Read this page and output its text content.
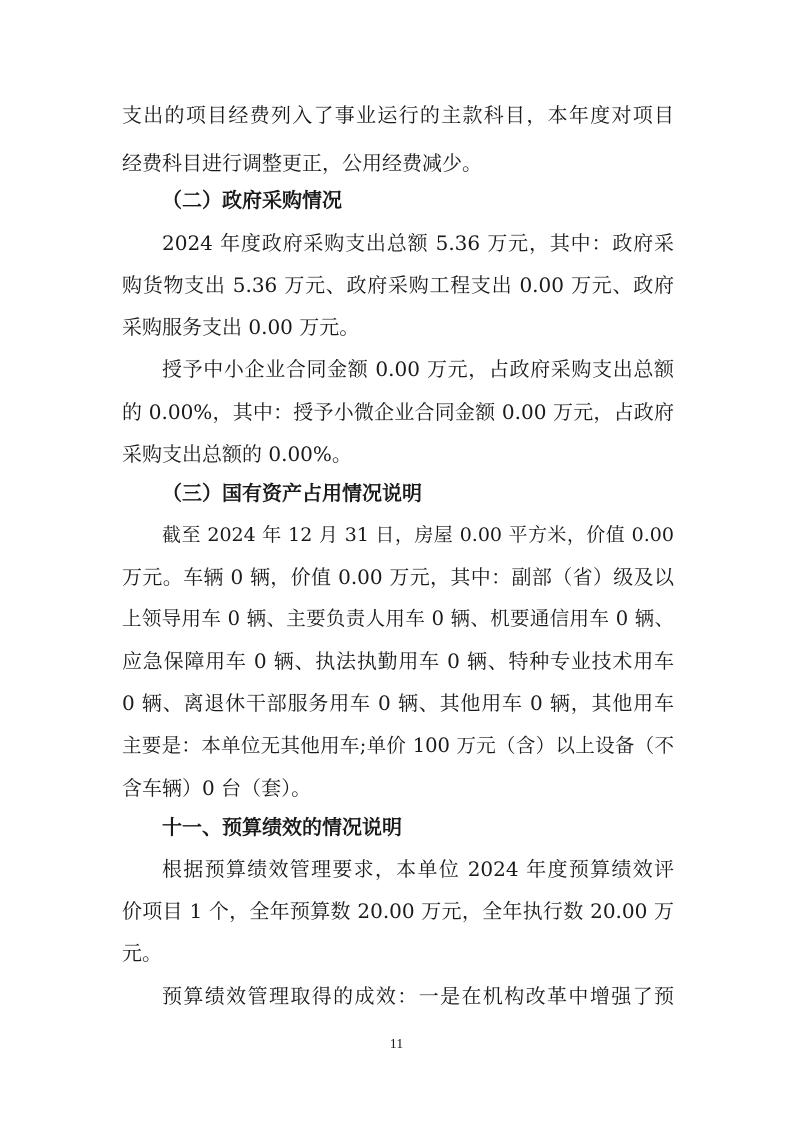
支出的项目经费列入了事业运行的主款科目，本年度对项目
经费科目进行调整更正，公用经费减少。
（二）政府采购情况
2024 年度政府采购支出总额 5.36 万元，其中：政府采
购货物支出 5.36 万元、政府采购工程支出 0.00 万元、政府
采购服务支出 0.00 万元。
授予中小企业合同金额 0.00 万元，占政府采购支出总额
的 0.00%，其中：授予小微企业合同金额 0.00 万元，占政府
采购支出总额的 0.00%。
（三）国有资产占用情况说明
截至 2024 年 12 月 31 日，房屋 0.00 平方米，价值 0.00
万元。车辆 0 辆，价值 0.00 万元，其中：副部（省）级及以
上领导用车 0 辆、主要负责人用车 0 辆、机要通信用车 0 辆、
应急保障用车 0 辆、执法执勤用车 0 辆、特种专业技术用车
0 辆、离退休干部服务用车 0 辆、其他用车 0 辆，其他用车
主要是：本单位无其他用车;单价 100 万元（含）以上设备（不
含车辆）0 台（套）。
十一、预算绩效的情况说明
根据预算绩效管理要求，本单位 2024 年度预算绩效评
价项目 1 个，全年预算数 20.00 万元，全年执行数 20.00 万
元。
预算绩效管理取得的成效：一是在机构改革中增强了预
11
